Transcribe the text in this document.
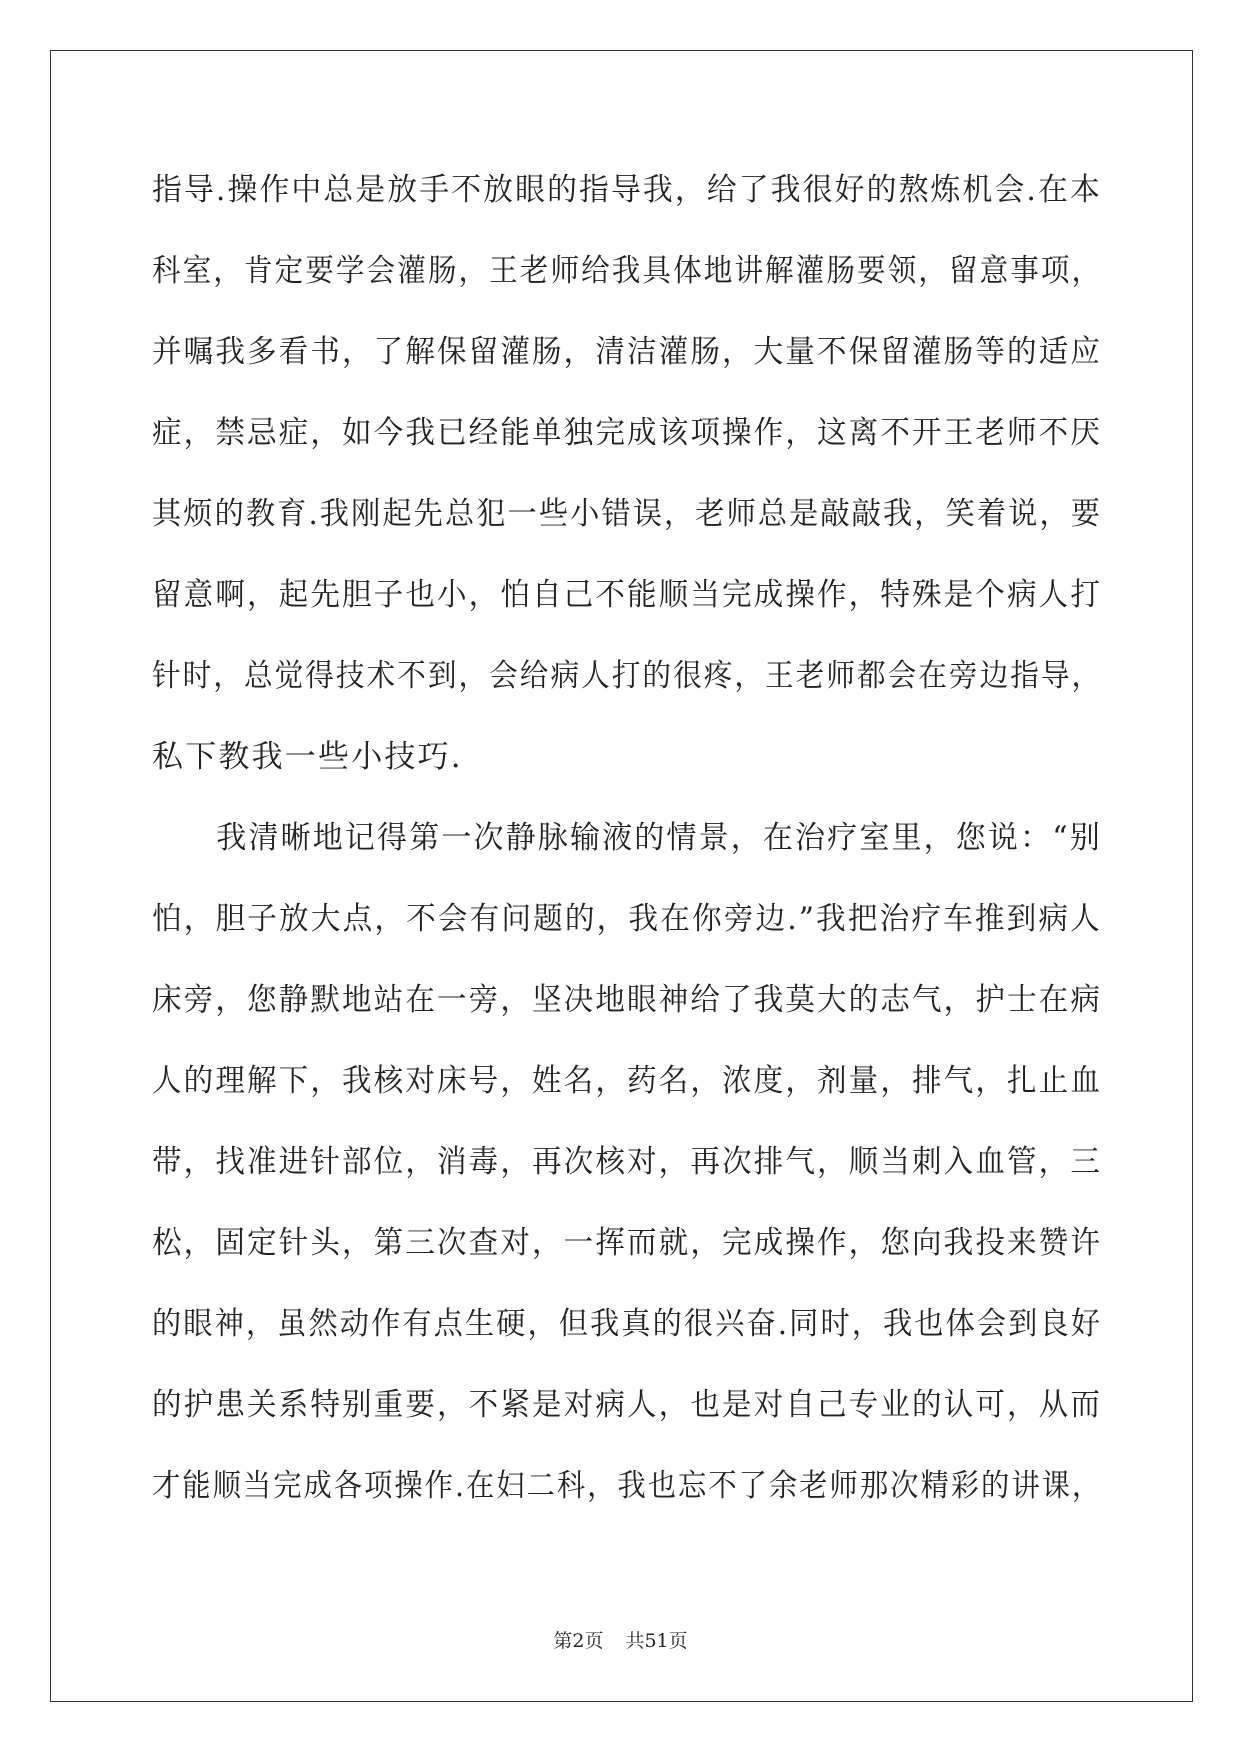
指导.操作中总是放手不放眼的指导我，给了我很好的熬炼机会.在本
科室，肯定要学会灌肠，王老师给我具体地讲解灌肠要领，留意事项，
并嘱我多看书，了解保留灌肠，清洁灌肠，大量不保留灌肠等的适应
症，禁忌症，如今我已经能单独完成该项操作，这离不开王老师不厌
其烦的教育.我刚起先总犯一些小错误，老师总是敲敲我，笑着说，要
留意啊，起先胆子也小，怕自己不能顺当完成操作，特殊是个病人打
针时，总觉得技术不到，会给病人打的很疼，王老师都会在旁边指导，
私下教我一些小技巧.
　　我清晰地记得第一次静脉输液的情景，在治疗室里，您说：“别
怕，胆子放大点，不会有问题的，我在你旁边.”我把治疗车推到病人
床旁，您静默地站在一旁，坚决地眼神给了我莫大的志气，护士在病
人的理解下，我核对床号，姓名，药名，浓度，剂量，排气，扎止血
带，找准进针部位，消毒，再次核对，再次排气，顺当刺入血管，三
松，固定针头，第三次查对，一挥而就，完成操作，您向我投来赞许
的眼神，虽然动作有点生硬，但我真的很兴奋.同时，我也体会到良好
的护患关系特别重要，不紧是对病人，也是对自己专业的认可，从而
才能顺当完成各项操作.在妇二科，我也忘不了余老师那次精彩的讲课，
第2页 共51页
